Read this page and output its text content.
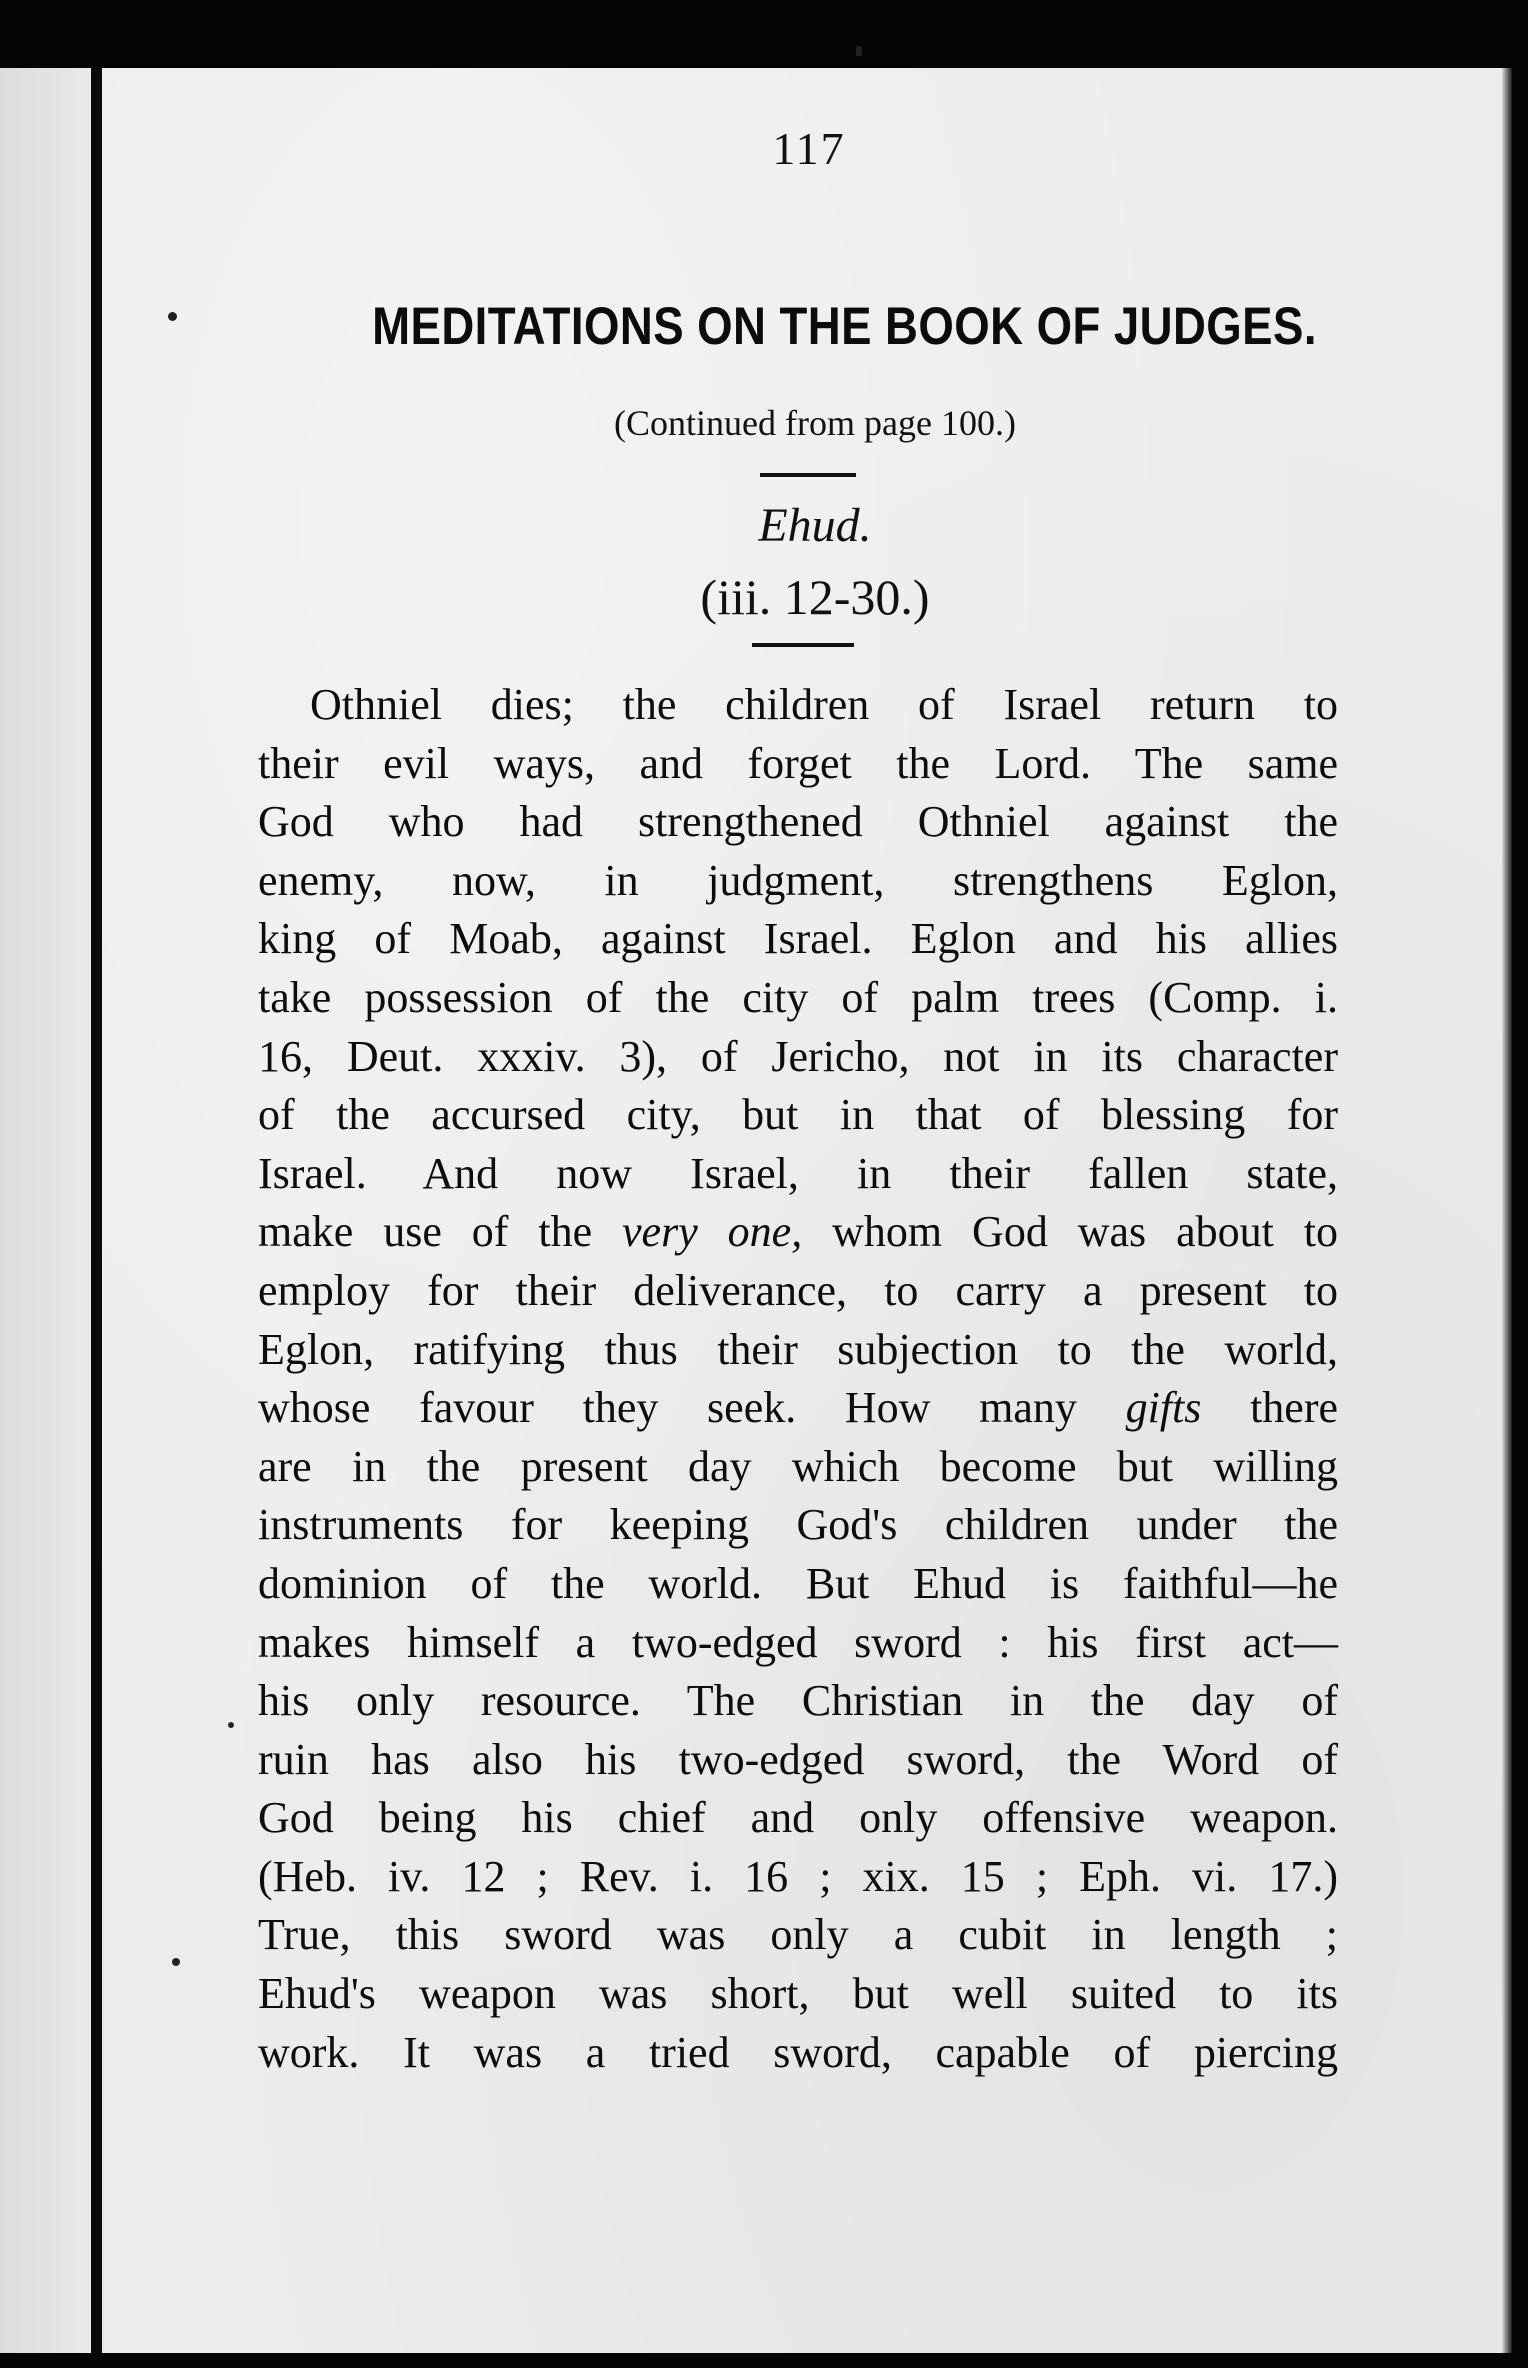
117
MEDITATIONS ON THE BOOK OF JUDGES.
(Continued from page 100.)
Ehud.
(iii. 12-30.)
Othniel dies; the children of Israel return to
their evil ways, and forget the Lord. The same
God who had strengthened Othniel against the
enemy, now, in judgment, strengthens Eglon,
king of Moab, against Israel. Eglon and his allies
take possession of the city of palm trees (Comp. i.
16, Deut. xxxiv. 3), of Jericho, not in its character
of the accursed city, but in that of blessing for
Israel. And now Israel, in their fallen state,
make use of the very one, whom God was about to
employ for their deliverance, to carry a present to
Eglon, ratifying thus their subjection to the world,
whose favour they seek. How many gifts there
are in the present day which become but willing
instruments for keeping God's children under the
dominion of the world. But Ehud is faithful—he
makes himself a two-edged sword : his first act—
his only resource. The Christian in the day of
ruin has also his two-edged sword, the Word of
God being his chief and only offensive weapon.
(Heb. iv. 12 ; Rev. i. 16 ; xix. 15 ; Eph. vi. 17.)
True, this sword was only a cubit in length ;
Ehud's weapon was short, but well suited to its
work. It was a tried sword, capable of piercing
